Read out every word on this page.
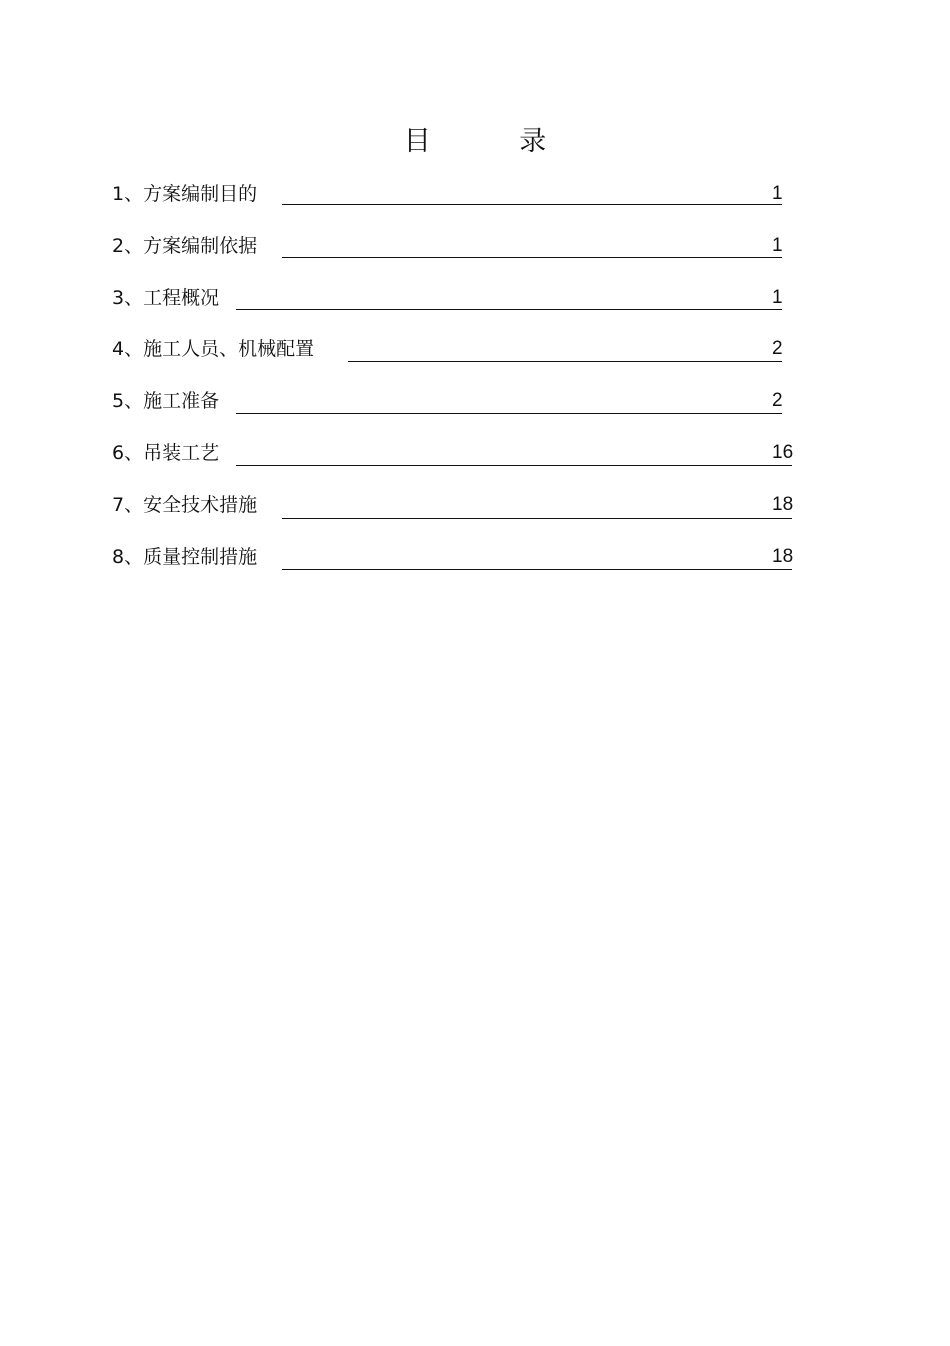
目 录
1、方案编制目的	1
2、方案编制依据	1
3、工程概况	1
4、施工人员、机械配置	2
5、施工准备	2
6、吊装工艺	16
7、安全技术措施	18
8、质量控制措施	18
